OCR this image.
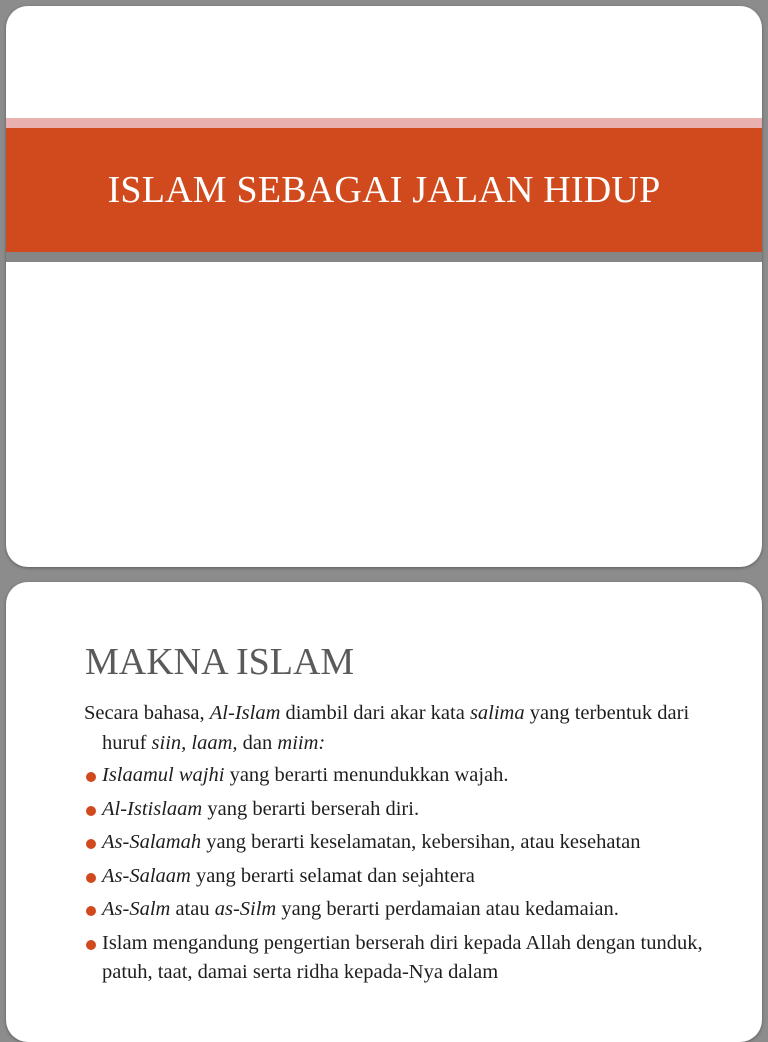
ISLAM SEBAGAI JALAN HIDUP
MAKNA ISLAM

Secara bahasa, Al-Islam diambil dari akar kata salima yang terbentuk dari huruf siin, laam, dan miim:

Islaamul wajhi yang berarti menundukkan wajah.
Al-Istislaam yang berarti berserah diri.
As-Salamah yang berarti keselamatan, kebersihan, atau kesehatan
As-Salaam yang berarti selamat dan sejahtera
As-Salm atau as-Silm yang berarti perdamaian atau kedamaian.
Islam mengandung pengertian berserah diri kepada Allah dengan tunduk, patuh, taat, damai serta ridha kepada-Nya dalam
